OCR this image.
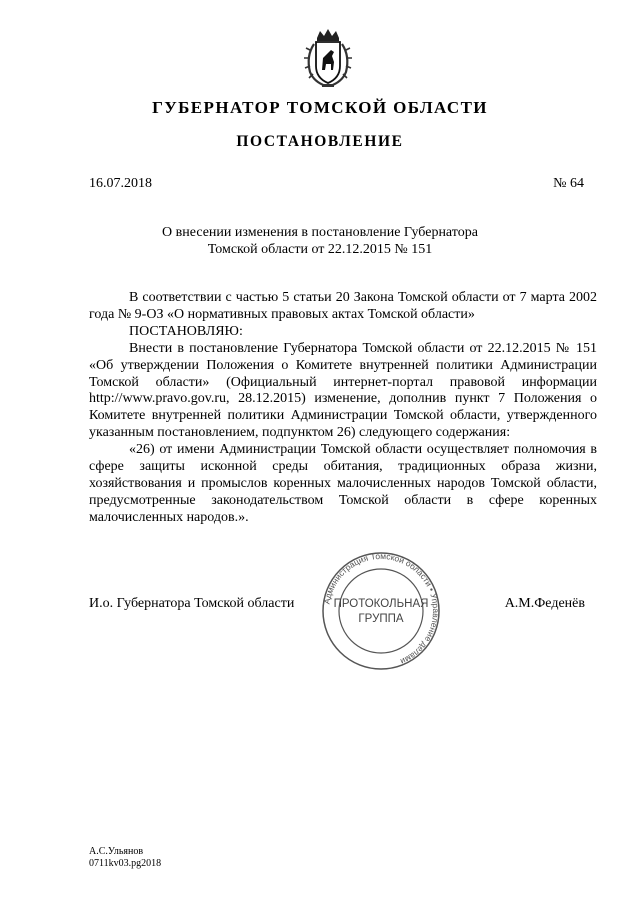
ГУБЕРНАТОР ТОМСКОЙ ОБЛАСТИ
ПОСТАНОВЛЕНИЕ
16.07.2018	№ 64
О внесении изменения в постановление Губернатора
Томской области от 22.12.2015 № 151

В соответствии с частью 5 статьи 20 Закона Томской области от 7 марта 2002 года № 9-ОЗ «О нормативных правовых актах Томской области»

ПОСТАНОВЛЯЮ:

Внести в постановление Губернатора Томской области от 22.12.2015 № 151 «Об утверждении Положения о Комитете внутренней политики Администрации Томской области» (Официальный интернет-портал правовой информации http://www.pravo.gov.ru, 28.12.2015) изменение, дополнив пункт 7 Положения о Комитете внутренней политики Администрации Томской области, утвержденного указанным постановлением, подпунктом 26) следующего содержания:

«26) от имени Администрации Томской области осуществляет полномочия в сфере защиты исконной среды обитания, традиционных образа жизни, хозяйствования и промыслов коренных малочисленных народов Томской области, предусмотренные законодательством Томской области в сфере коренных малочисленных народов.».

И.о. Губернатора Томской области	Администрация Томской области • Управление делами
ПРОТОКОЛЬНАЯ
ГРУППА
А.М.Феденёв
А.С.Ульянов
0711kv03.pg2018
